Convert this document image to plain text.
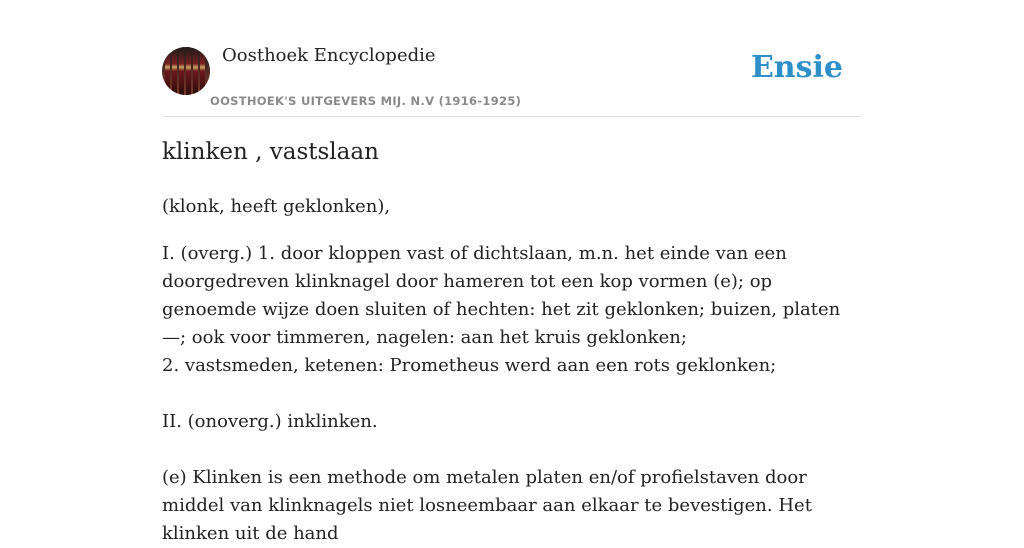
Oosthoek Encyclopedie
OOSTHOEK'S UITGEVERS MIJ. N.V (1916-1925)
Ensie
klinken , vastslaan

(klonk, heeft geklonken),

I. (overg.) 1. door kloppen vast of dichtslaan, m.n. het einde van een doorgedreven klinknagel door hameren tot een kop vormen (e); op genoemde wijze doen sluiten of hechten: het zit geklonken; buizen, platen —; ook voor timmeren, nagelen: aan het kruis geklonken;
2. vastsmeden, ketenen: Prometheus werd aan een rots geklonken;
II. (onoverg.) inklinken.
(e) Klinken is een methode om metalen platen en/of profielstaven door middel van klinknagels niet losneembaar aan elkaar te bevestigen. Het klinken uit de hand
